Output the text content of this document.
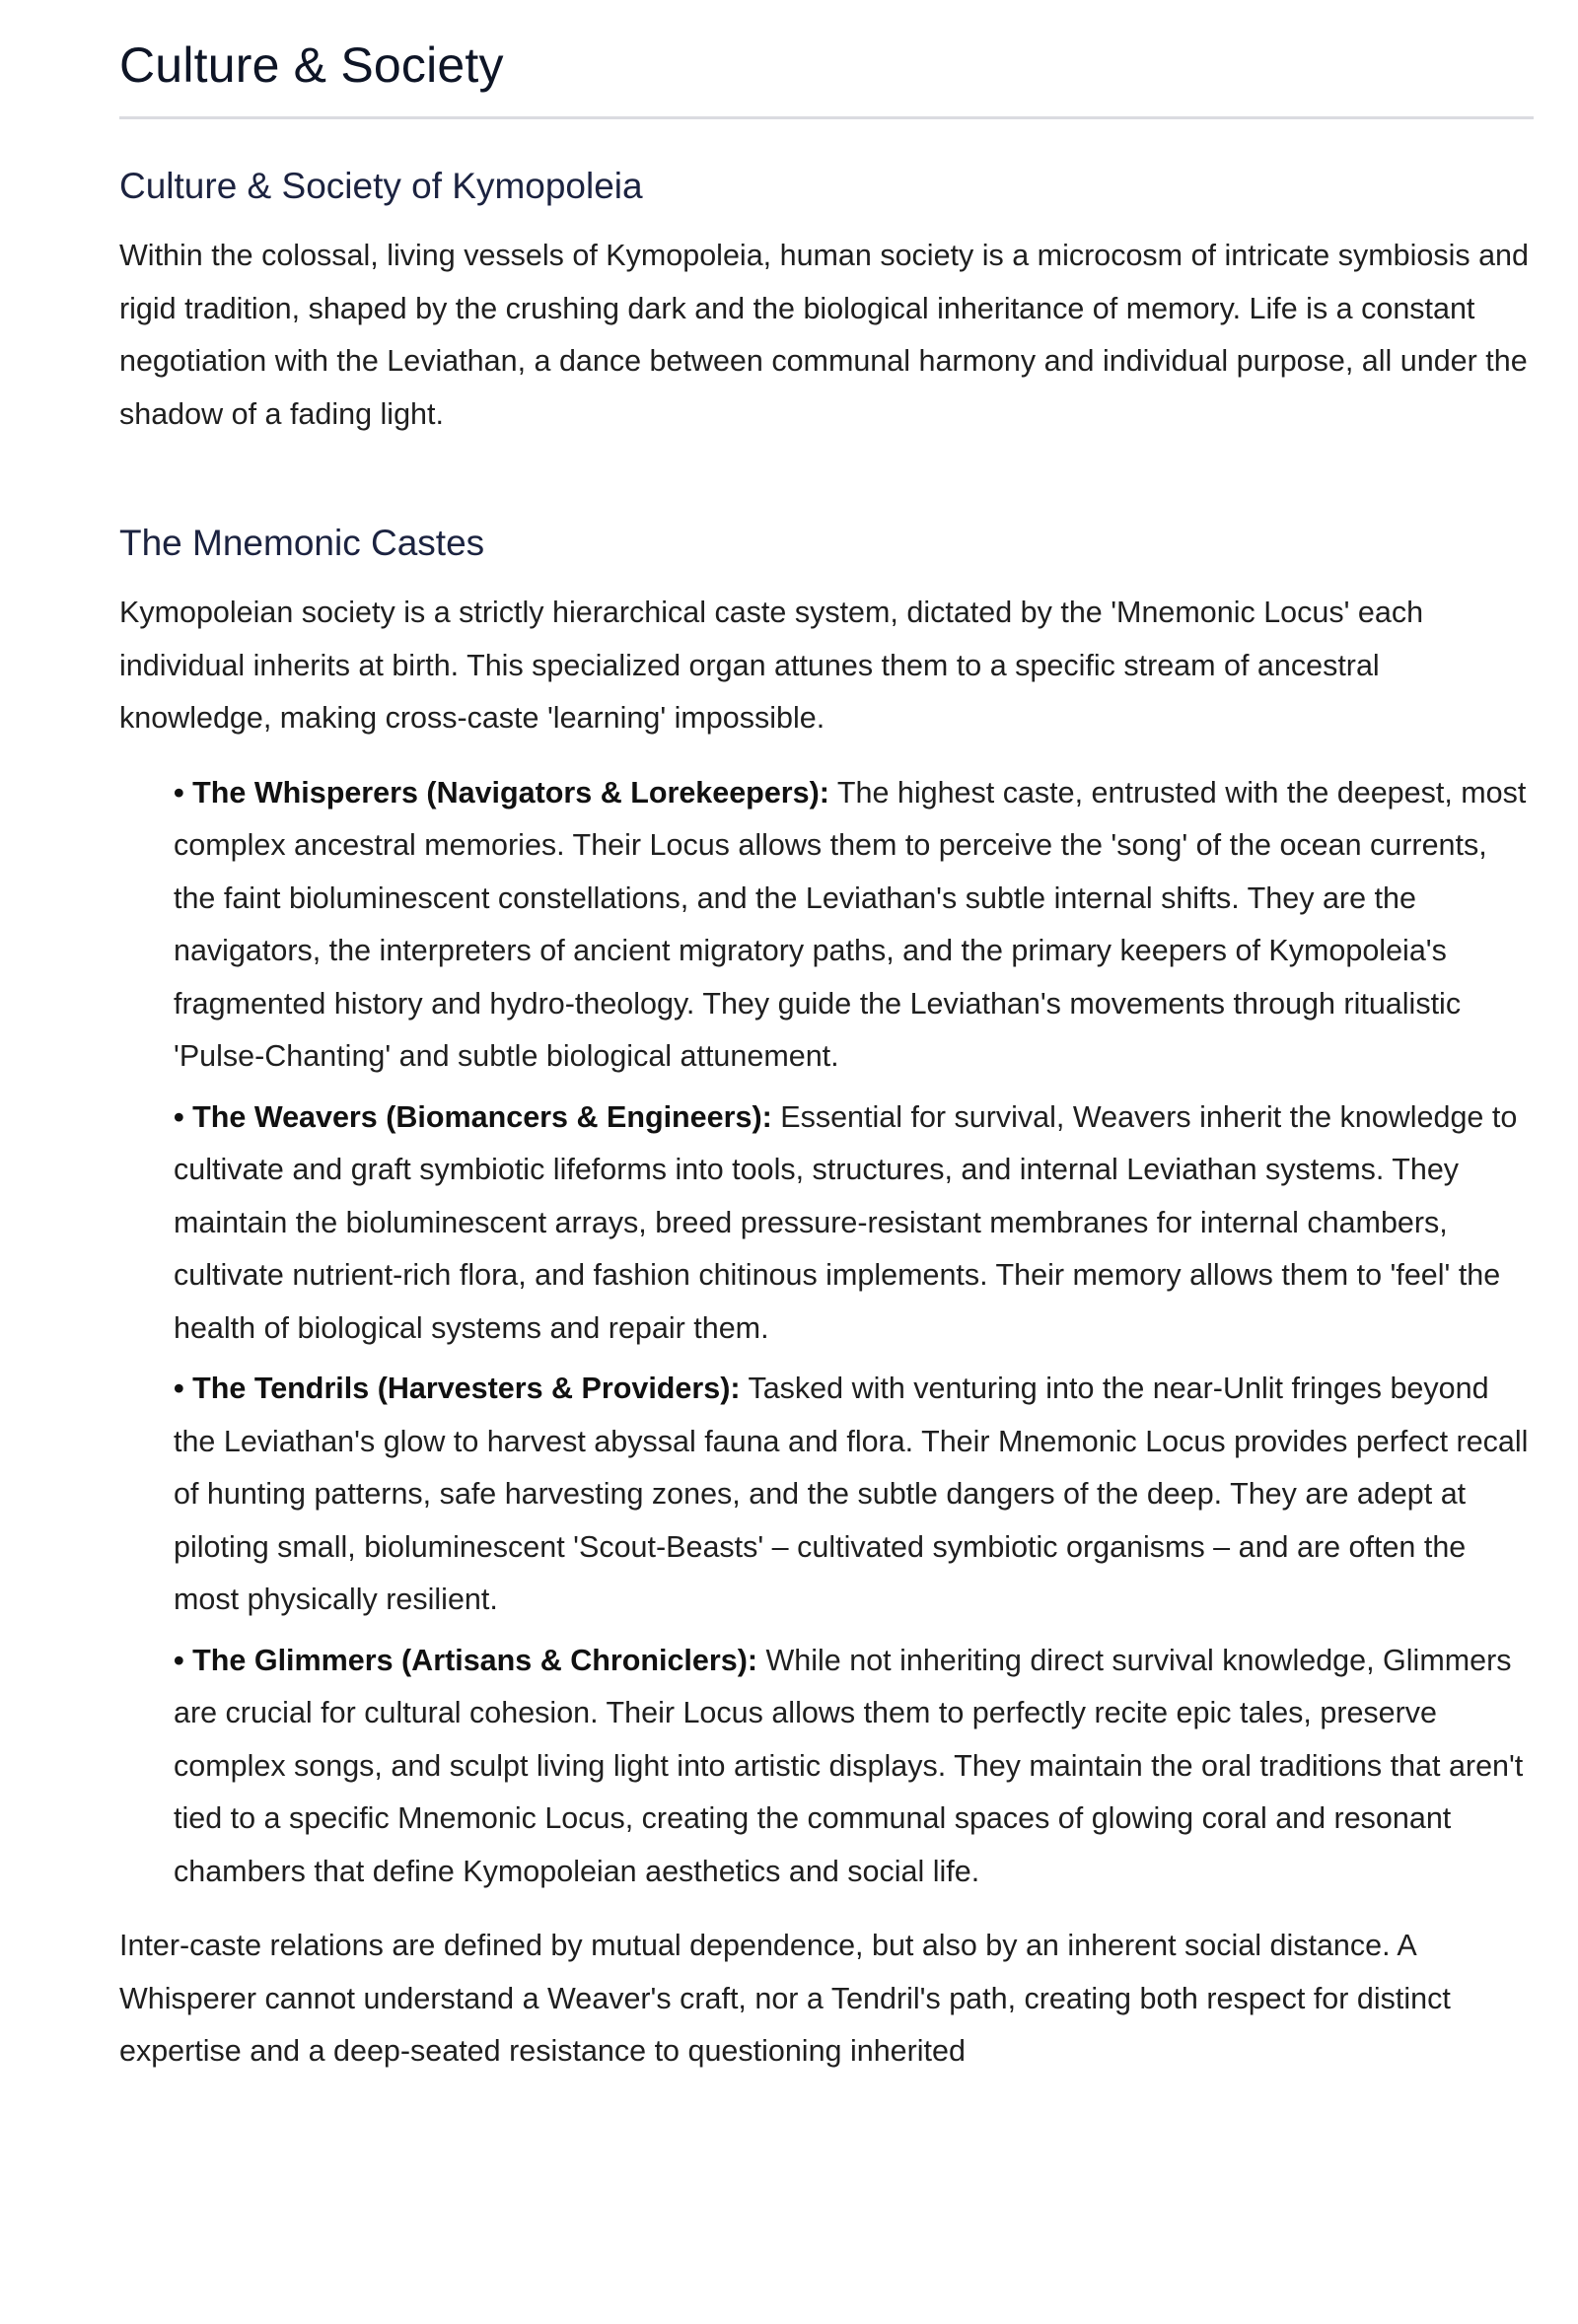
Culture & Society
Culture & Society of Kymopoleia

Within the colossal, living vessels of Kymopoleia, human society is a microcosm of intricate symbiosis and rigid tradition, shaped by the crushing dark and the biological inheritance of memory. Life is a constant negotiation with the Leviathan, a dance between communal harmony and individual purpose, all under the shadow of a fading light.

The Mnemonic Castes

Kymopoleian society is a strictly hierarchical caste system, dictated by the 'Mnemonic Locus' each individual inherits at birth. This specialized organ attunes them to a specific stream of ancestral knowledge, making cross-caste 'learning' impossible.

• The Whisperers (Navigators & Lorekeepers): The highest caste, entrusted with the deepest, most complex ancestral memories. Their Locus allows them to perceive the 'song' of the ocean currents, the faint bioluminescent constellations, and the Leviathan's subtle internal shifts. They are the navigators, the interpreters of ancient migratory paths, and the primary keepers of Kymopoleia's fragmented history and hydro-theology. They guide the Leviathan's movements through ritualistic 'Pulse-Chanting' and subtle biological attunement.
• The Weavers (Biomancers & Engineers): Essential for survival, Weavers inherit the knowledge to cultivate and graft symbiotic lifeforms into tools, structures, and internal Leviathan systems. They maintain the bioluminescent arrays, breed pressure-resistant membranes for internal chambers, cultivate nutrient-rich flora, and fashion chitinous implements. Their memory allows them to 'feel' the health of biological systems and repair them.
• The Tendrils (Harvesters & Providers): Tasked with venturing into the near-Unlit fringes beyond the Leviathan's glow to harvest abyssal fauna and flora. Their Mnemonic Locus provides perfect recall of hunting patterns, safe harvesting zones, and the subtle dangers of the deep. They are adept at piloting small, bioluminescent 'Scout-Beasts' – cultivated symbiotic organisms – and are often the most physically resilient.
• The Glimmers (Artisans & Chroniclers): While not inheriting direct survival knowledge, Glimmers are crucial for cultural cohesion. Their Locus allows them to perfectly recite epic tales, preserve complex songs, and sculpt living light into artistic displays. They maintain the oral traditions that aren't tied to a specific Mnemonic Locus, creating the communal spaces of glowing coral and resonant chambers that define Kymopoleian aesthetics and social life.

Inter-caste relations are defined by mutual dependence, but also by an inherent social distance. A Whisperer cannot understand a Weaver's craft, nor a Tendril's path, creating both respect for distinct expertise and a deep-seated resistance to questioning inherited
